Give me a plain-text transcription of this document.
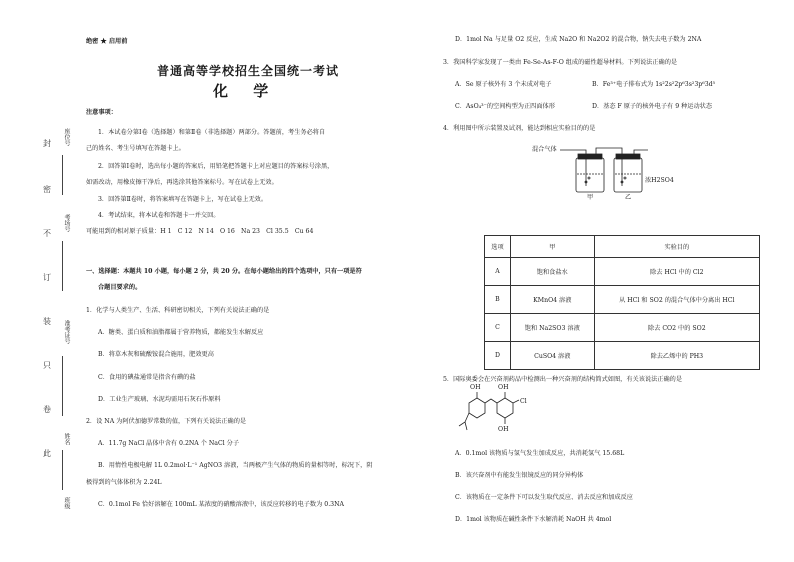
封
密
不
订
装
只
卷
此
座位号
考场号
准考证号
姓名
班级
绝密 ★ 启用前
普通高等学校招生全国统一考试
化 学
注意事项：
1．本试卷分第Ⅰ卷（选择题）和第Ⅱ卷（非选择题）两部分。答题前，考生务必将自
己的姓名、考生号填写在答题卡上。
2．回答第Ⅰ卷时，选出每小题的答案后，用铅笔把答题卡上对应题目的答案标号涂黑，
如需改动，用橡皮擦干净后，再选涂其他答案标号。写在试卷上无效。
3．回答第Ⅱ卷时，将答案填写在答题卡上，写在试卷上无效。
4．考试结束，将本试卷和答题卡一并交回。
可能用到的相对原子质量：H 1　C 12　N 14　O 16　Na 23　Cl 35.5　Cu 64
一、选择题：本题共 10 小题，每小题 2 分，共 20 分。在每小题给出的四个选项中，只有一项是符
合题目要求的。
1．化学与人类生产、生活、科研密切相关，下列有关说法正确的是
A．糖类、蛋白质和油脂都属于营养物质，都能发生水解反应
B．将草木灰和硫酸铵混合施用，肥效更高
C．食用的碘盐通常是指含有碘的盐
D．工业生产玻璃、水泥均需用石灰石作原料
2．设 NA 为阿伏加德罗常数的值，下列有关说法正确的是
A．11.7g NaCl 晶体中含有 0.2NA 个 NaCl 分子
B．用惰性电极电解 1L 0.2mol·L⁻¹ AgNO3 溶液，当两极产生气体的物质的量相等时，标况下，阴
极得到的气体体积为 2.24L
C．0.1mol Fe 恰好溶解在 100mL 某浓度的硝酸溶液中，该反应转移的电子数为 0.3NA
D．1mol Na 与足量 O2 反应，生成 Na2O 和 Na2O2 的混合物，钠失去电子数为 2NA
3．我国科学家发现了一类由 Fe-Se-As-F-O 组成的磁性超导材料。下列说法正确的是
A．Se 原子核外有 3 个未成对电子	B．Fe³⁺电子排布式为 1s²2s²2p⁶3s²3p⁶3d⁵
C．AsO₄³⁻的空间构型为正四面体形	D．基态 F 原子的核外电子有 9 种运动状态
4．利用图中所示装置及试剂，能达到相应实验目的的是
混合气体
浓H2SO4
甲	乙
选项	甲	实验目的
A	饱和食盐水	除去 HCl 中的 Cl2
B	KMnO4 溶液	从 HCl 和 SO2 的混合气体中分离出 HCl
C	饱和 Na2SO3 溶液	除去 CO2 中的 SO2
D	CuSO4 溶液	除去乙烯中的 PH3
5．国际奥委会在兴奋剂药品中检测出一种兴奋剂的结构简式如图，有关该说法正确的是
OH	OH
Cl
OH
A．0.1mol 该物质与氢气发生加成反应，共消耗氢气 15.68L
B．该兴奋剂中有能发生银镜反应的同分异构体
C．该物质在一定条件下可以发生取代反应、消去反应和加成反应
D．1mol 该物质在碱性条件下水解消耗 NaOH 共 4mol
